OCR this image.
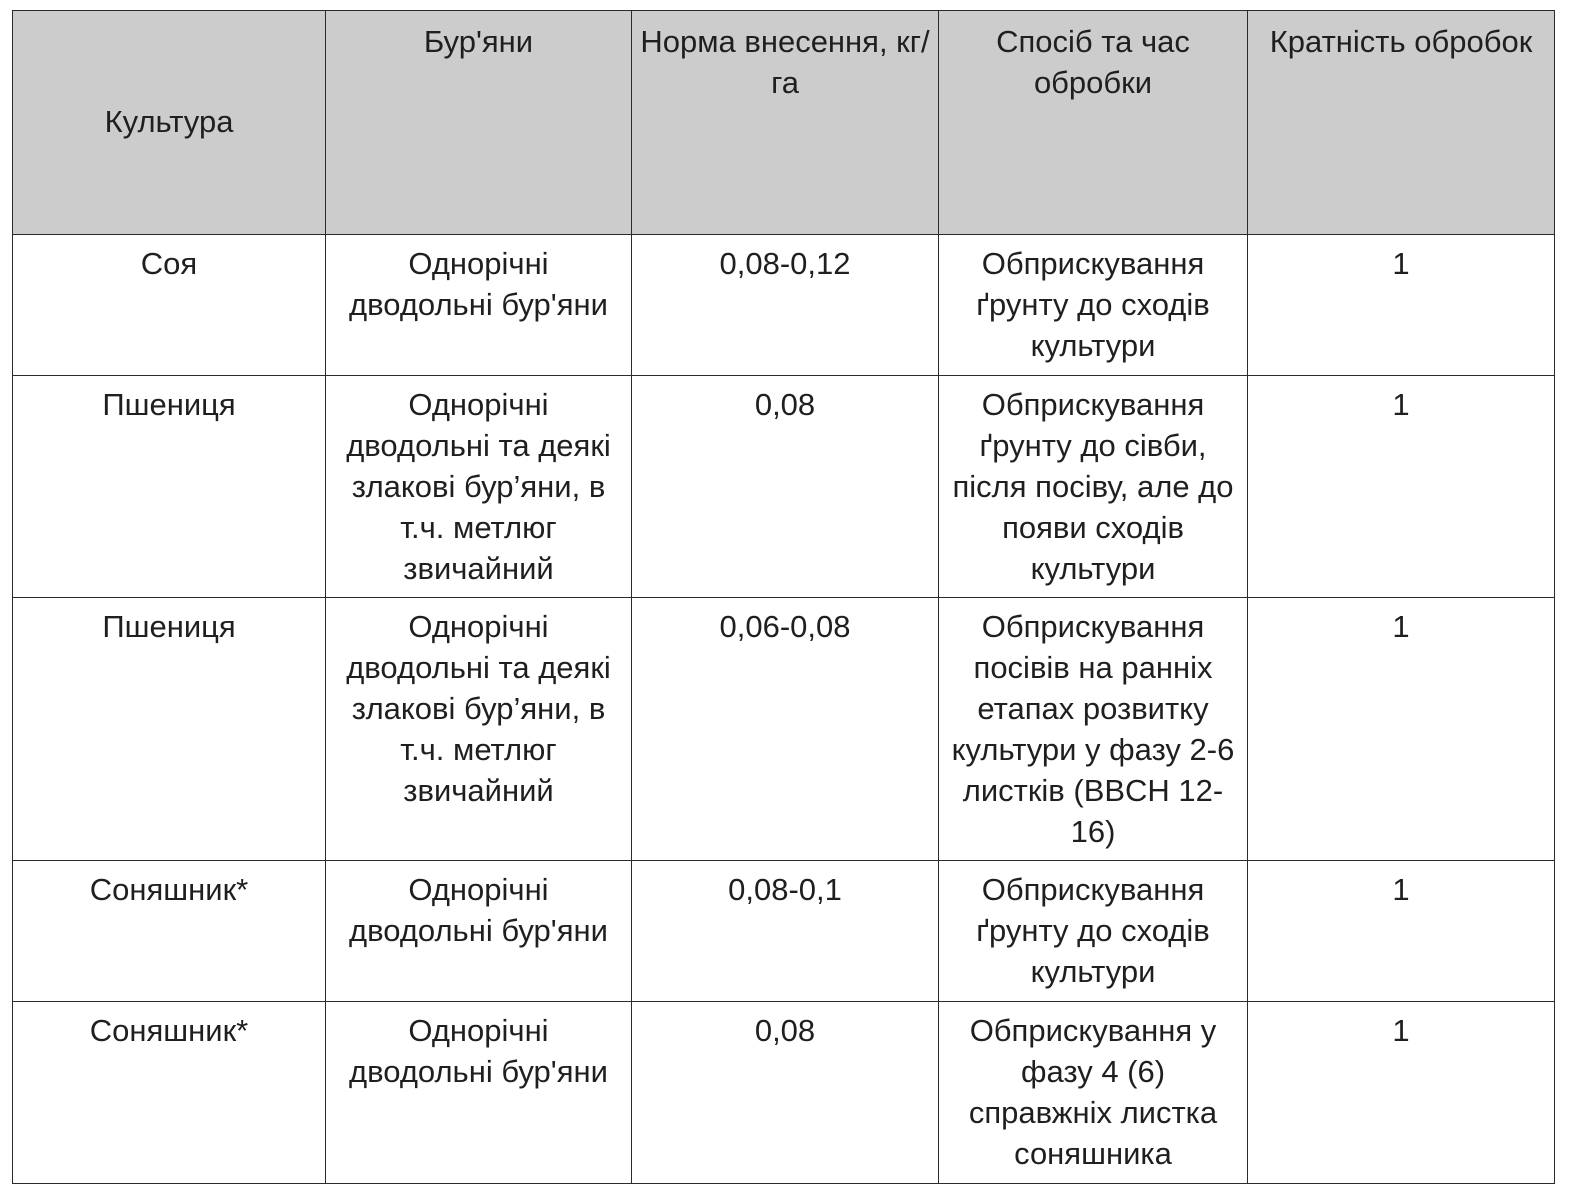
Культура	Бур'яни	Норма внесення, кг/га	Спосіб та час обробки	Кратність обробок
Соя	Однорічні дводольні бур'яни	0,08-0,12	Обприскування ґрунту до сходів культури	1
Пшениця	Однорічні дводольні та деякі злакові бур’яни, в т.ч. метлюг звичайний	0,08	Обприскування ґрунту до сівби, після посіву, але до появи сходів культури	1
Пшениця	Однорічні дводольні та деякі злакові бур’яни, в т.ч. метлюг звичайний	0,06-0,08	Обприскування посівів на ранніх етапах розвитку культури у фазу 2-6 листків (BBCH 12-16)	1
Соняшник*	Однорічні дводольні бур'яни	0,08-0,1	Обприскування ґрунту до сходів культури	1
Соняшник*	Однорічні дводольні бур'яни	0,08	Обприскування у фазу 4 (6) справжніх листка соняшника	1
